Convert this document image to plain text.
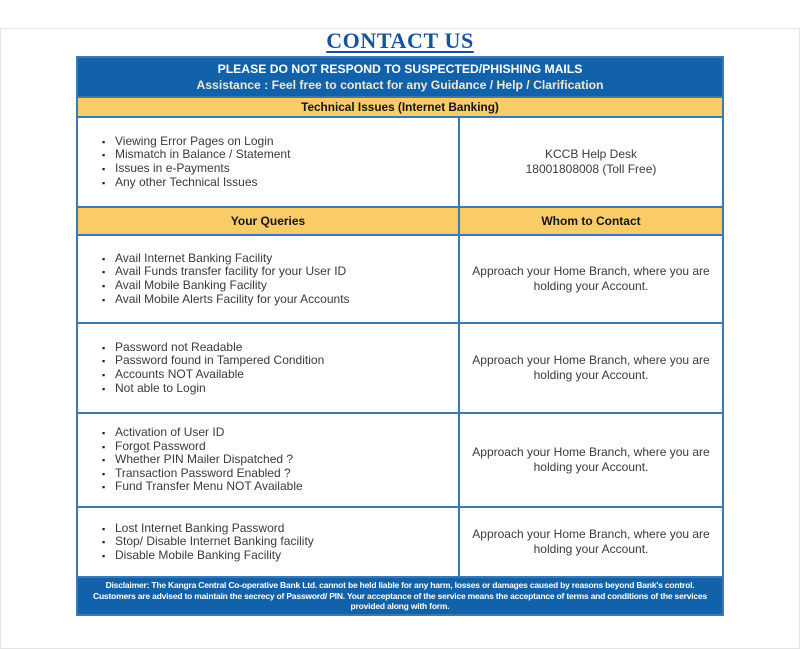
CONTACT US
PLEASE DO NOT RESPOND TO SUSPECTED/PHISHING MAILS
Assistance : Feel free to contact for any Guidance / Help / Clarification
Technical Issues (Internet Banking)
▪ Viewing Error Pages on Login
▪ Mismatch in Balance / Statement
▪ Issues in e-Payments
▪ Any other Technical Issues
KCCB Help Desk
18001808008 (Toll Free)
Your Queries	Whom to Contact
▪ Avail Internet Banking Facility
▪ Avail Funds transfer facility for your User ID
▪ Avail Mobile Banking Facility
▪ Avail Mobile Alerts Facility for your Accounts
Approach your Home Branch, where you are holding your Account.
▪ Password not Readable
▪ Password found in Tampered Condition
▪ Accounts NOT Available
▪ Not able to Login
Approach your Home Branch, where you are holding your Account.
▪ Activation of User ID
▪ Forgot Password
▪ Whether PIN Mailer Dispatched ?
▪ Transaction Password Enabled ?
▪ Fund Transfer Menu NOT Available
Approach your Home Branch, where you are holding your Account.
▪ Lost Internet Banking Password
▪ Stop/ Disable Internet Banking facility
▪ Disable Mobile Banking Facility
Approach your Home Branch, where you are holding your Account.
Disclaimer: The Kangra Central Co-operative Bank Ltd. cannot be held liable for any harm, losses or damages caused by reasons beyond Bank's control. Customers are advised to maintain the secrecy of Password/ PIN. Your acceptance of the service means the acceptance of terms and conditions of the services provided along with form.
